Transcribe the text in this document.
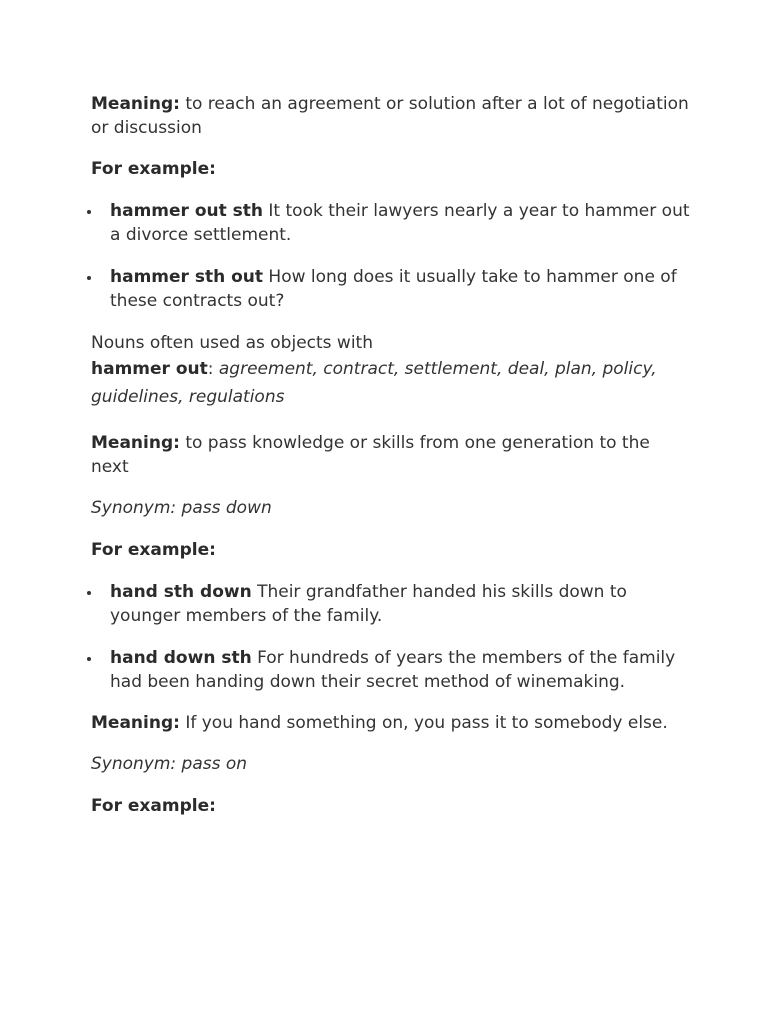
Meaning: to reach an agreement or solution after a lot of negotiation or discussion

For example:

hammer out sth It took their lawyers nearly a year to hammer out a divorce settlement.
hammer sth out How long does it usually take to hammer one of these contracts out?

Nouns often used as objects with

hammer out: agreement, contract, settlement, deal, plan, policy, guidelines, regulations

Meaning: to pass knowledge or skills from one generation to the next

Synonym: pass down

For example:

hand sth down Their grandfather handed his skills down to younger members of the family.
hand down sth For hundreds of years the members of the family had been handing down their secret method of winemaking.

Meaning: If you hand something on, you pass it to somebody else.

Synonym: pass on

For example:
